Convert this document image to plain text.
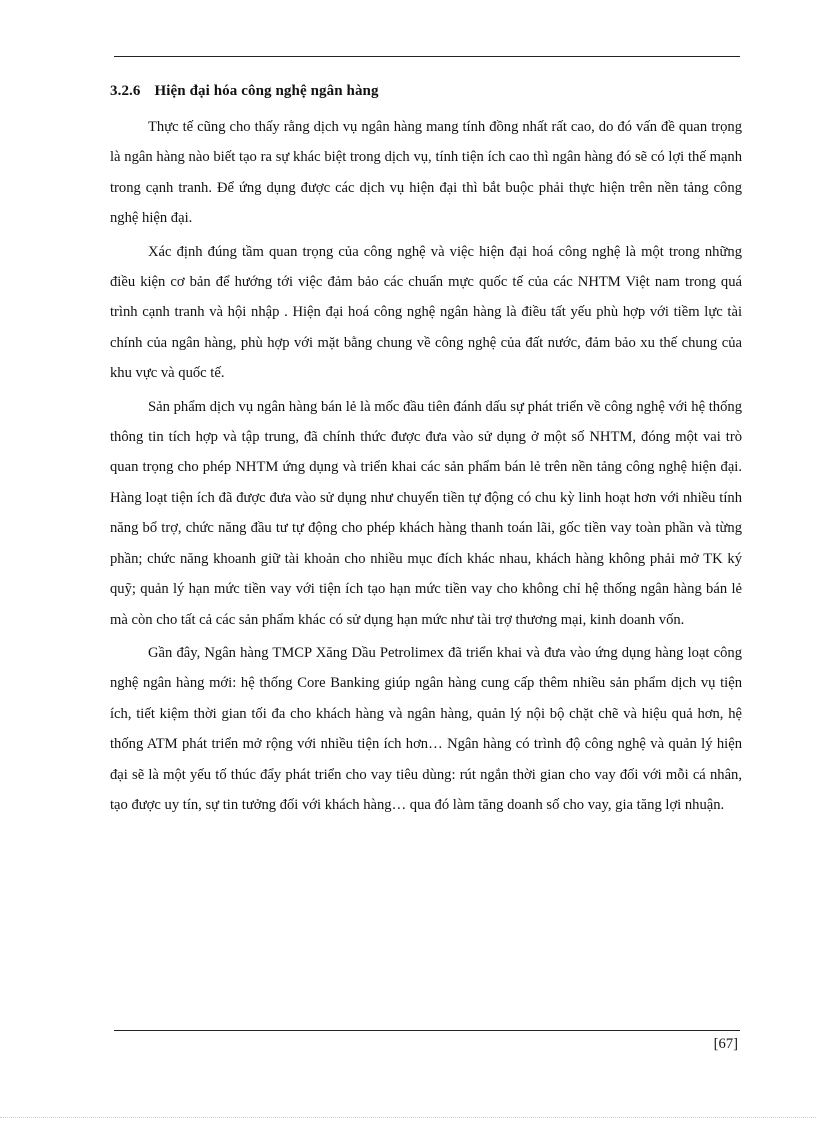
3.2.6 Hiện đại hóa công nghệ ngân hàng

Thực tế cũng cho thấy rằng dịch vụ ngân hàng mang tính đồng nhất rất cao, do đó vấn đề quan trọng là ngân hàng nào biết tạo ra sự khác biệt trong dịch vụ, tính tiện ích cao thì ngân hàng đó sẽ có lợi thế mạnh trong cạnh tranh. Để ứng dụng được các dịch vụ hiện đại thì bắt buộc phải thực hiện trên nền tảng công nghệ hiện đại.

Xác định đúng tầm quan trọng của công nghệ và việc hiện đại hoá công nghệ là một trong những điều kiện cơ bản để hướng tới việc đảm bảo các chuẩn mực quốc tế của các NHTM Việt nam trong quá trình cạnh tranh và hội nhập . Hiện đại hoá công nghệ ngân hàng là điều tất yếu phù hợp với tiềm lực tài chính của ngân hàng, phù hợp với mặt bằng chung về công nghệ của đất nước, đảm bảo xu thế chung của khu vực và quốc tế.

Sản phẩm dịch vụ ngân hàng bán lẻ là mốc đầu tiên đánh dấu sự phát triển về công nghệ với hệ thống thông tin tích hợp và tập trung, đã chính thức được đưa vào sử dụng ở một số NHTM, đóng một vai trò quan trọng cho phép NHTM ứng dụng và triển khai các sản phẩm bán lẻ trên nền tảng công nghệ hiện đại. Hàng loạt tiện ích đã được đưa vào sử dụng như chuyển tiền tự động có chu kỳ linh hoạt hơn với nhiều tính năng bổ trợ, chức năng đầu tư tự động cho phép khách hàng thanh toán lãi, gốc tiền vay toàn phần và từng phần; chức năng khoanh giữ tài khoản cho nhiều mục đích khác nhau, khách hàng không phải mở TK ký quỹ; quản lý hạn mức tiền vay với tiện ích tạo hạn mức tiền vay cho không chỉ hệ thống ngân hàng bán lẻ mà còn cho tất cả các sản phẩm khác có sử dụng hạn mức như tài trợ thương mại, kinh doanh vốn.

Gần đây, Ngân hàng TMCP Xăng Dầu Petrolimex đã triển khai và đưa vào ứng dụng hàng loạt công nghệ ngân hàng mới: hệ thống Core Banking giúp ngân hàng cung cấp thêm nhiều sản phẩm dịch vụ tiện ích, tiết kiệm thời gian tối đa cho khách hàng và ngân hàng, quản lý nội bộ chặt chẽ và hiệu quả hơn, hệ thống ATM phát triển mở rộng với nhiều tiện ích hơn… Ngân hàng có trình độ công nghệ và quản lý hiện đại sẽ là một yếu tố thúc đẩy phát triển cho vay tiêu dùng: rút ngắn thời gian cho vay đối với mỗi cá nhân, tạo được uy tín, sự tin tưởng đối với khách hàng… qua đó làm tăng doanh số cho vay, gia tăng lợi nhuận.

[67]
